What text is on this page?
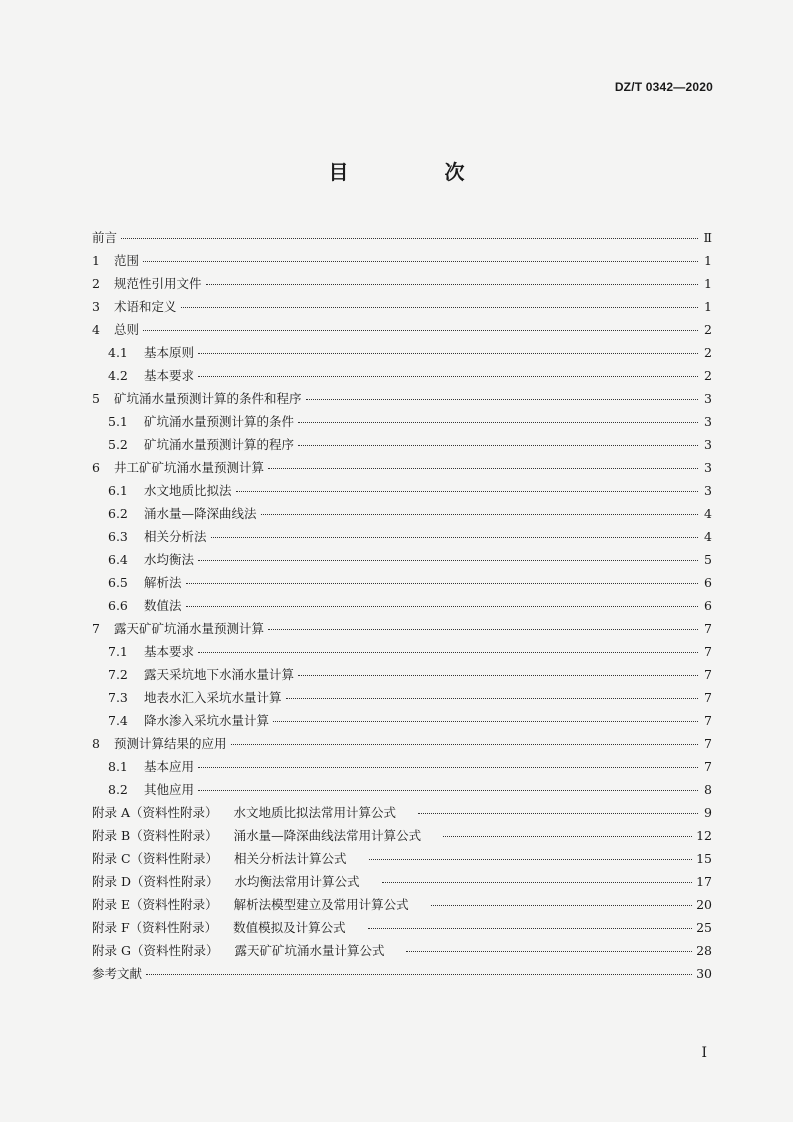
DZ/T 0342—2020
目　次
前言	Ⅱ
1 范围	1
2 规范性引用文件	1
3 术语和定义	1
4 总则	2
4.1	基本原则	2
4.2	基本要求	2
5 矿坑涌水量预测计算的条件和程序	3
5.1	矿坑涌水量预测计算的条件	3
5.2	矿坑涌水量预测计算的程序	3
6 井工矿矿坑涌水量预测计算	3
6.1	水文地质比拟法	3
6.2	涌水量—降深曲线法	4
6.3	相关分析法	4
6.4	水均衡法	5
6.5	解析法	6
6.6	数值法	6
7 露天矿矿坑涌水量预测计算	7
7.1	基本要求	7
7.2	露天采坑地下水涌水量计算	7
7.3	地表水汇入采坑水量计算	7
7.4	降水渗入采坑水量计算	7
8 预测计算结果的应用	7
8.1	基本应用	7
8.2	其他应用	8
附录 A（资料性附录） 水文地质比拟法常用计算公式	9
附录 B（资料性附录） 涌水量—降深曲线法常用计算公式	12
附录 C（资料性附录） 相关分析法计算公式	15
附录 D（资料性附录） 水均衡法常用计算公式	17
附录 E（资料性附录） 解析法模型建立及常用计算公式	20
附录 F（资料性附录） 数值模拟及计算公式	25
附录 G（资料性附录） 露天矿矿坑涌水量计算公式	28
参考文献	30
I
